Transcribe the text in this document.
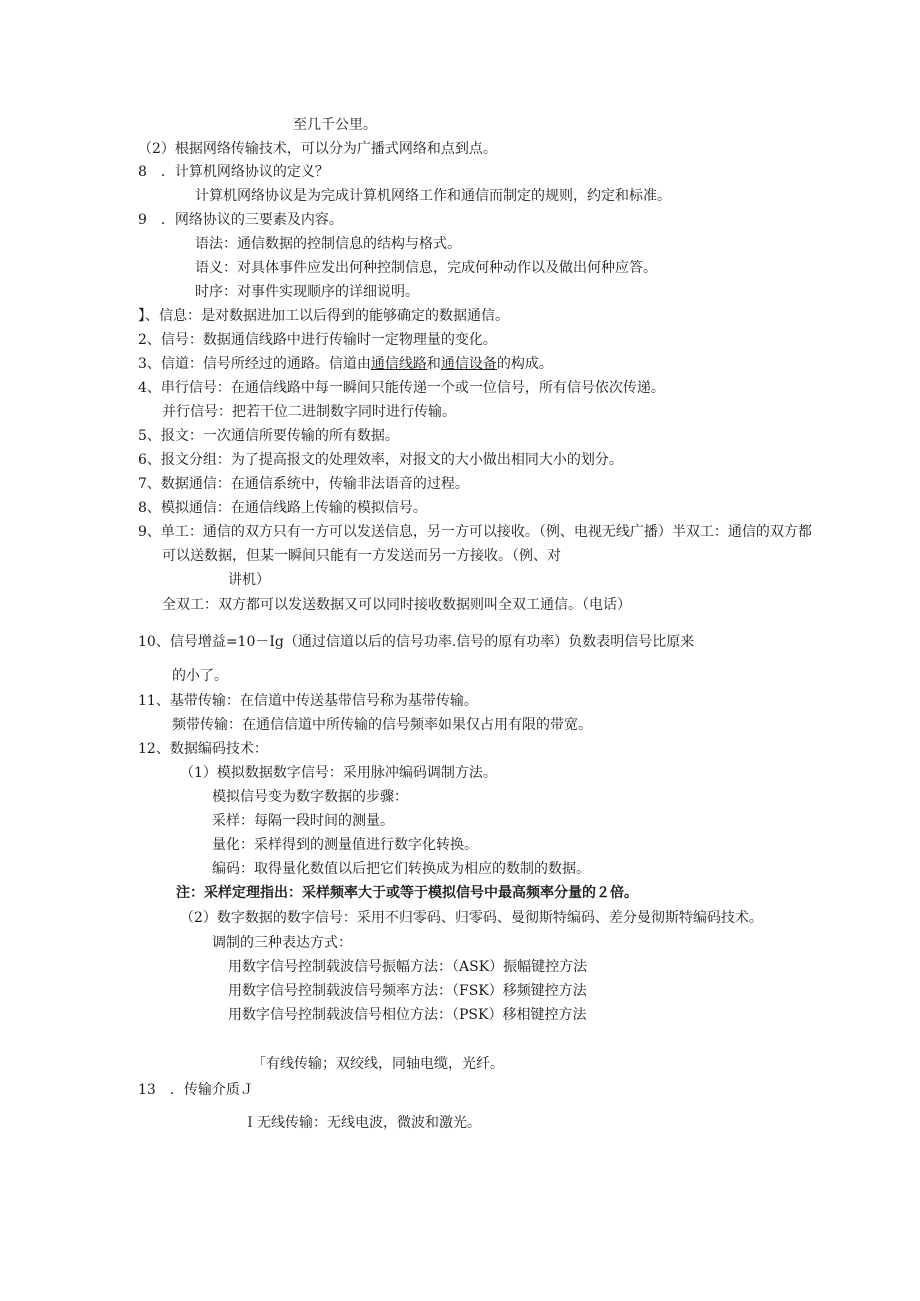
至几千公里。
（2）根据网络传输技术，可以分为广播式网络和点到点。
8　．计算机网络协议的定义？
计算机网络协议是为完成计算机网络工作和通信而制定的规则，约定和标准。
9　．网络协议的三要素及内容。
语法：通信数据的控制信息的结构与格式。
语义：对具体事件应发出何种控制信息，完成何种动作以及做出何种应答。
时序：对事件实现顺序的详细说明。
】、信息：是对数据进加工以后得到的能够确定的数据通信。
2、信号：数据通信线路中进行传输时一定物理量的变化。
3、信道：信号所经过的通路。信道由通信线路和通信设备的构成。
4、串行信号：在通信线路中每一瞬间只能传递一个或一位信号，所有信号依次传递。
并行信号：把若干位二进制数字同时进行传输。
5、报文：一次通信所要传输的所有数据。
6、报文分组：为了提高报文的处理效率，对报文的大小做出相同大小的划分。
7、数据通信：在通信系统中，传输非法语音的过程。
8、模拟通信：在通信线路上传输的模拟信号。
9、单工：通信的双方只有一方可以发送信息，另一方可以接收。（例、电视无线广播）半双工：通信的双方都
可以送数据，但某一瞬间只能有一方发送而另一方接收。（例、对
讲机）
全双工：双方都可以发送数据又可以同时接收数据则叫全双工通信。（电话）
10、信号增益=10－Ig（通过信道以后的信号功率.信号的原有功率）负数表明信号比原来
的小了。
11、基带传输：在信道中传送基带信号称为基带传输。
频带传输：在通信信道中所传输的信号频率如果仅占用有限的带宽。
12、数据编码技术：
（1）模拟数据数字信号：采用脉冲编码调制方法。
模拟信号变为数字数据的步骤：
采样：每隔一段时间的测量。
量化：采样得到的测量值进行数字化转换。
编码：取得量化数值以后把它们转换成为相应的数制的数据。
注：采样定理指出：采样频率大于或等于模拟信号中最高频率分量的２倍。
（2）数字数据的数字信号：采用不归零码、归零码、曼彻斯特编码、差分曼彻斯特编码技术。
调制的三种表达方式：
用数字信号控制载波信号振幅方法：（ASK）振幅键控方法
用数字信号控制载波信号频率方法：（FSK）移频键控方法
用数字信号控制载波信号相位方法：（PSK）移相键控方法
「有线传输；双绞线，同轴电缆，光纤。
13　．传输介质Ｊ
Ｉ无线传输：无线电波，微波和激光。
